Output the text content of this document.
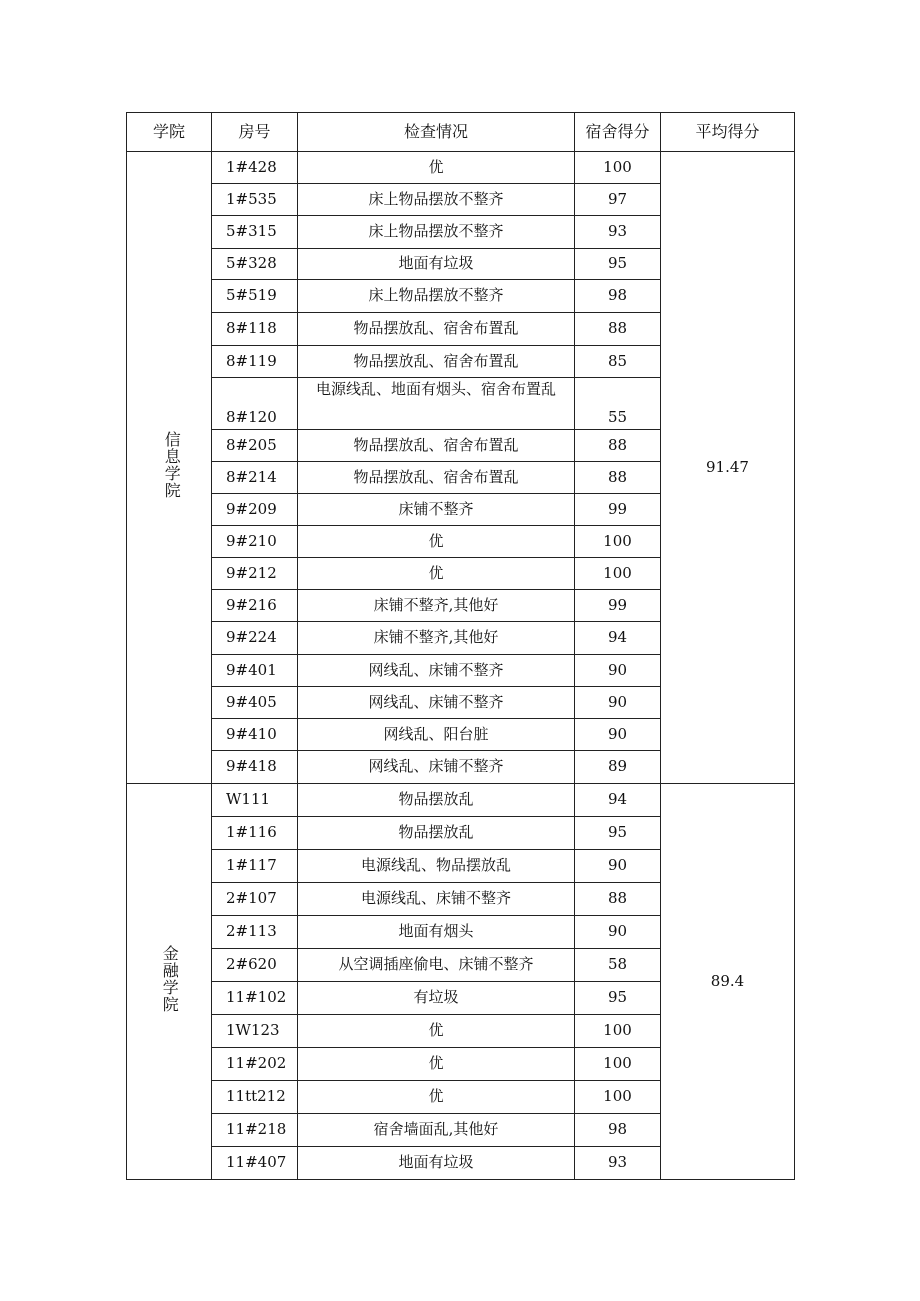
学院	房号	检查情况	宿舍得分	平均得分
信息学院	1#428	优	100	91.47
	1#535	床上物品摆放不整齐	97	
	5#315	床上物品摆放不整齐	93	
	5#328	地面有垃圾	95	
	5#519	床上物品摆放不整齐	98	
	8#118	物品摆放乱、宿舍布置乱	88	
	8#119	物品摆放乱、宿舍布置乱	85	
	8#120	电源线乱、地面有烟头、宿舍布置乱	55	
	8#205	物品摆放乱、宿舍布置乱	88	
	8#214	物品摆放乱、宿舍布置乱	88	
	9#209	床铺不整齐	99	
	9#210	优	100	
	9#212	优	100	
	9#216	床铺不整齐,其他好	99	
	9#224	床铺不整齐,其他好	94	
	9#401	网线乱、床铺不整齐	90	
	9#405	网线乱、床铺不整齐	90	
	9#410	网线乱、阳台脏	90	
	9#418	网线乱、床铺不整齐	89	
金融学院	W111	物品摆放乱	94	89.4
	1#116	物品摆放乱	95	
	1#117	电源线乱、物品摆放乱	90	
	2#107	电源线乱、床铺不整齐	88	
	2#113	地面有烟头	90	
	2#620	从空调插座偷电、床铺不整齐	58	
	11#102	有垃圾	95	
	1W123	优	100	
	11#202	优	100	
	11tt212	优	100	
	11#218	宿舍墙面乱,其他好	98	
	11#407	地面有垃圾	93	
